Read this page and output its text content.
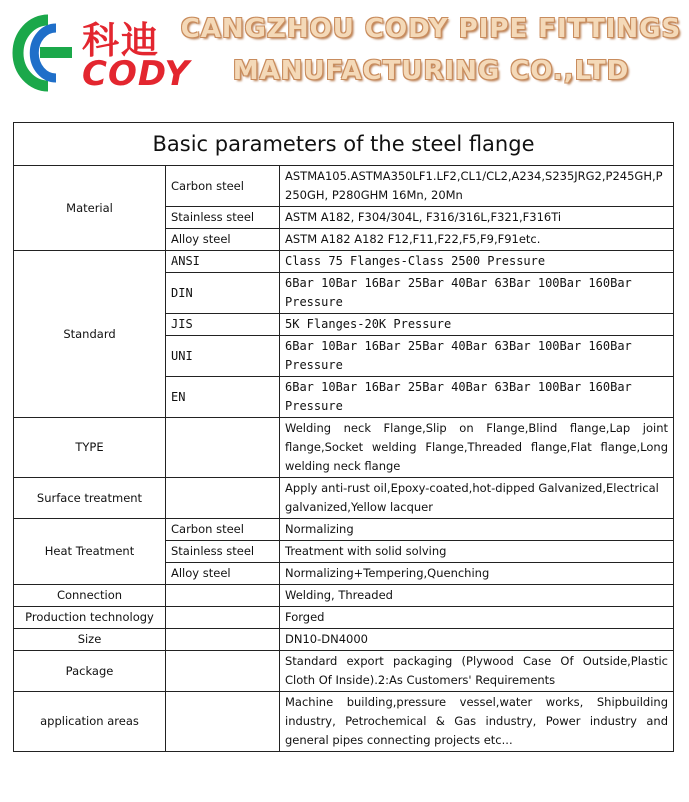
科迪
CODY
CANGZHOU CODY PIPE FITTINGS
MANUFACTURING CO.,LTD
Basic parameters of the steel flange		
Material	Carbon steel	ASTMA105.ASTMA350LF1.LF2,CL1/CL2,A234,S235JRG2,P245GH,P250GH, P280GHM 16Mn, 20Mn
	Stainless steel	ASTM A182, F304/304L, F316/316L,F321,F316Ti
	Alloy steel	ASTM A182 A182 F12,F11,F22,F5,F9,F91etc.
Standard	ANSI	Class 75 Flanges-Class 2500 Pressure
	DIN	6Bar 10Bar 16Bar 25Bar 40Bar 63Bar 100Bar 160Bar Pressure
	JIS	5K Flanges-20K Pressure
	UNI	6Bar 10Bar 16Bar 25Bar 40Bar 63Bar 100Bar 160Bar Pressure
	EN	6Bar 10Bar 16Bar 25Bar 40Bar 63Bar 100Bar 160Bar Pressure
TYPE		Welding neck Flange,Slip on Flange,Blind flange,Lap joint flange,Socket welding Flange,Threaded flange,Flat flange,Long welding neck flange
Surface treatment		Apply anti-rust oil,Epoxy-coated,hot-dipped Galvanized,Electrical galvanized,Yellow lacquer
Heat Treatment	Carbon steel	Normalizing
	Stainless steel	Treatment with solid solving
	Alloy steel	Normalizing+Tempering,Quenching
Connection		Welding, Threaded
Production technology		Forged
Size		DN10-DN4000
Package		Standard export packaging (Plywood Case Of Outside,Plastic Cloth Of Inside).2:As Customers' Requirements
application areas		Machine building,pressure vessel,water works, Shipbuilding industry, Petrochemical & Gas industry, Power industry and general pipes connecting projects etc...
